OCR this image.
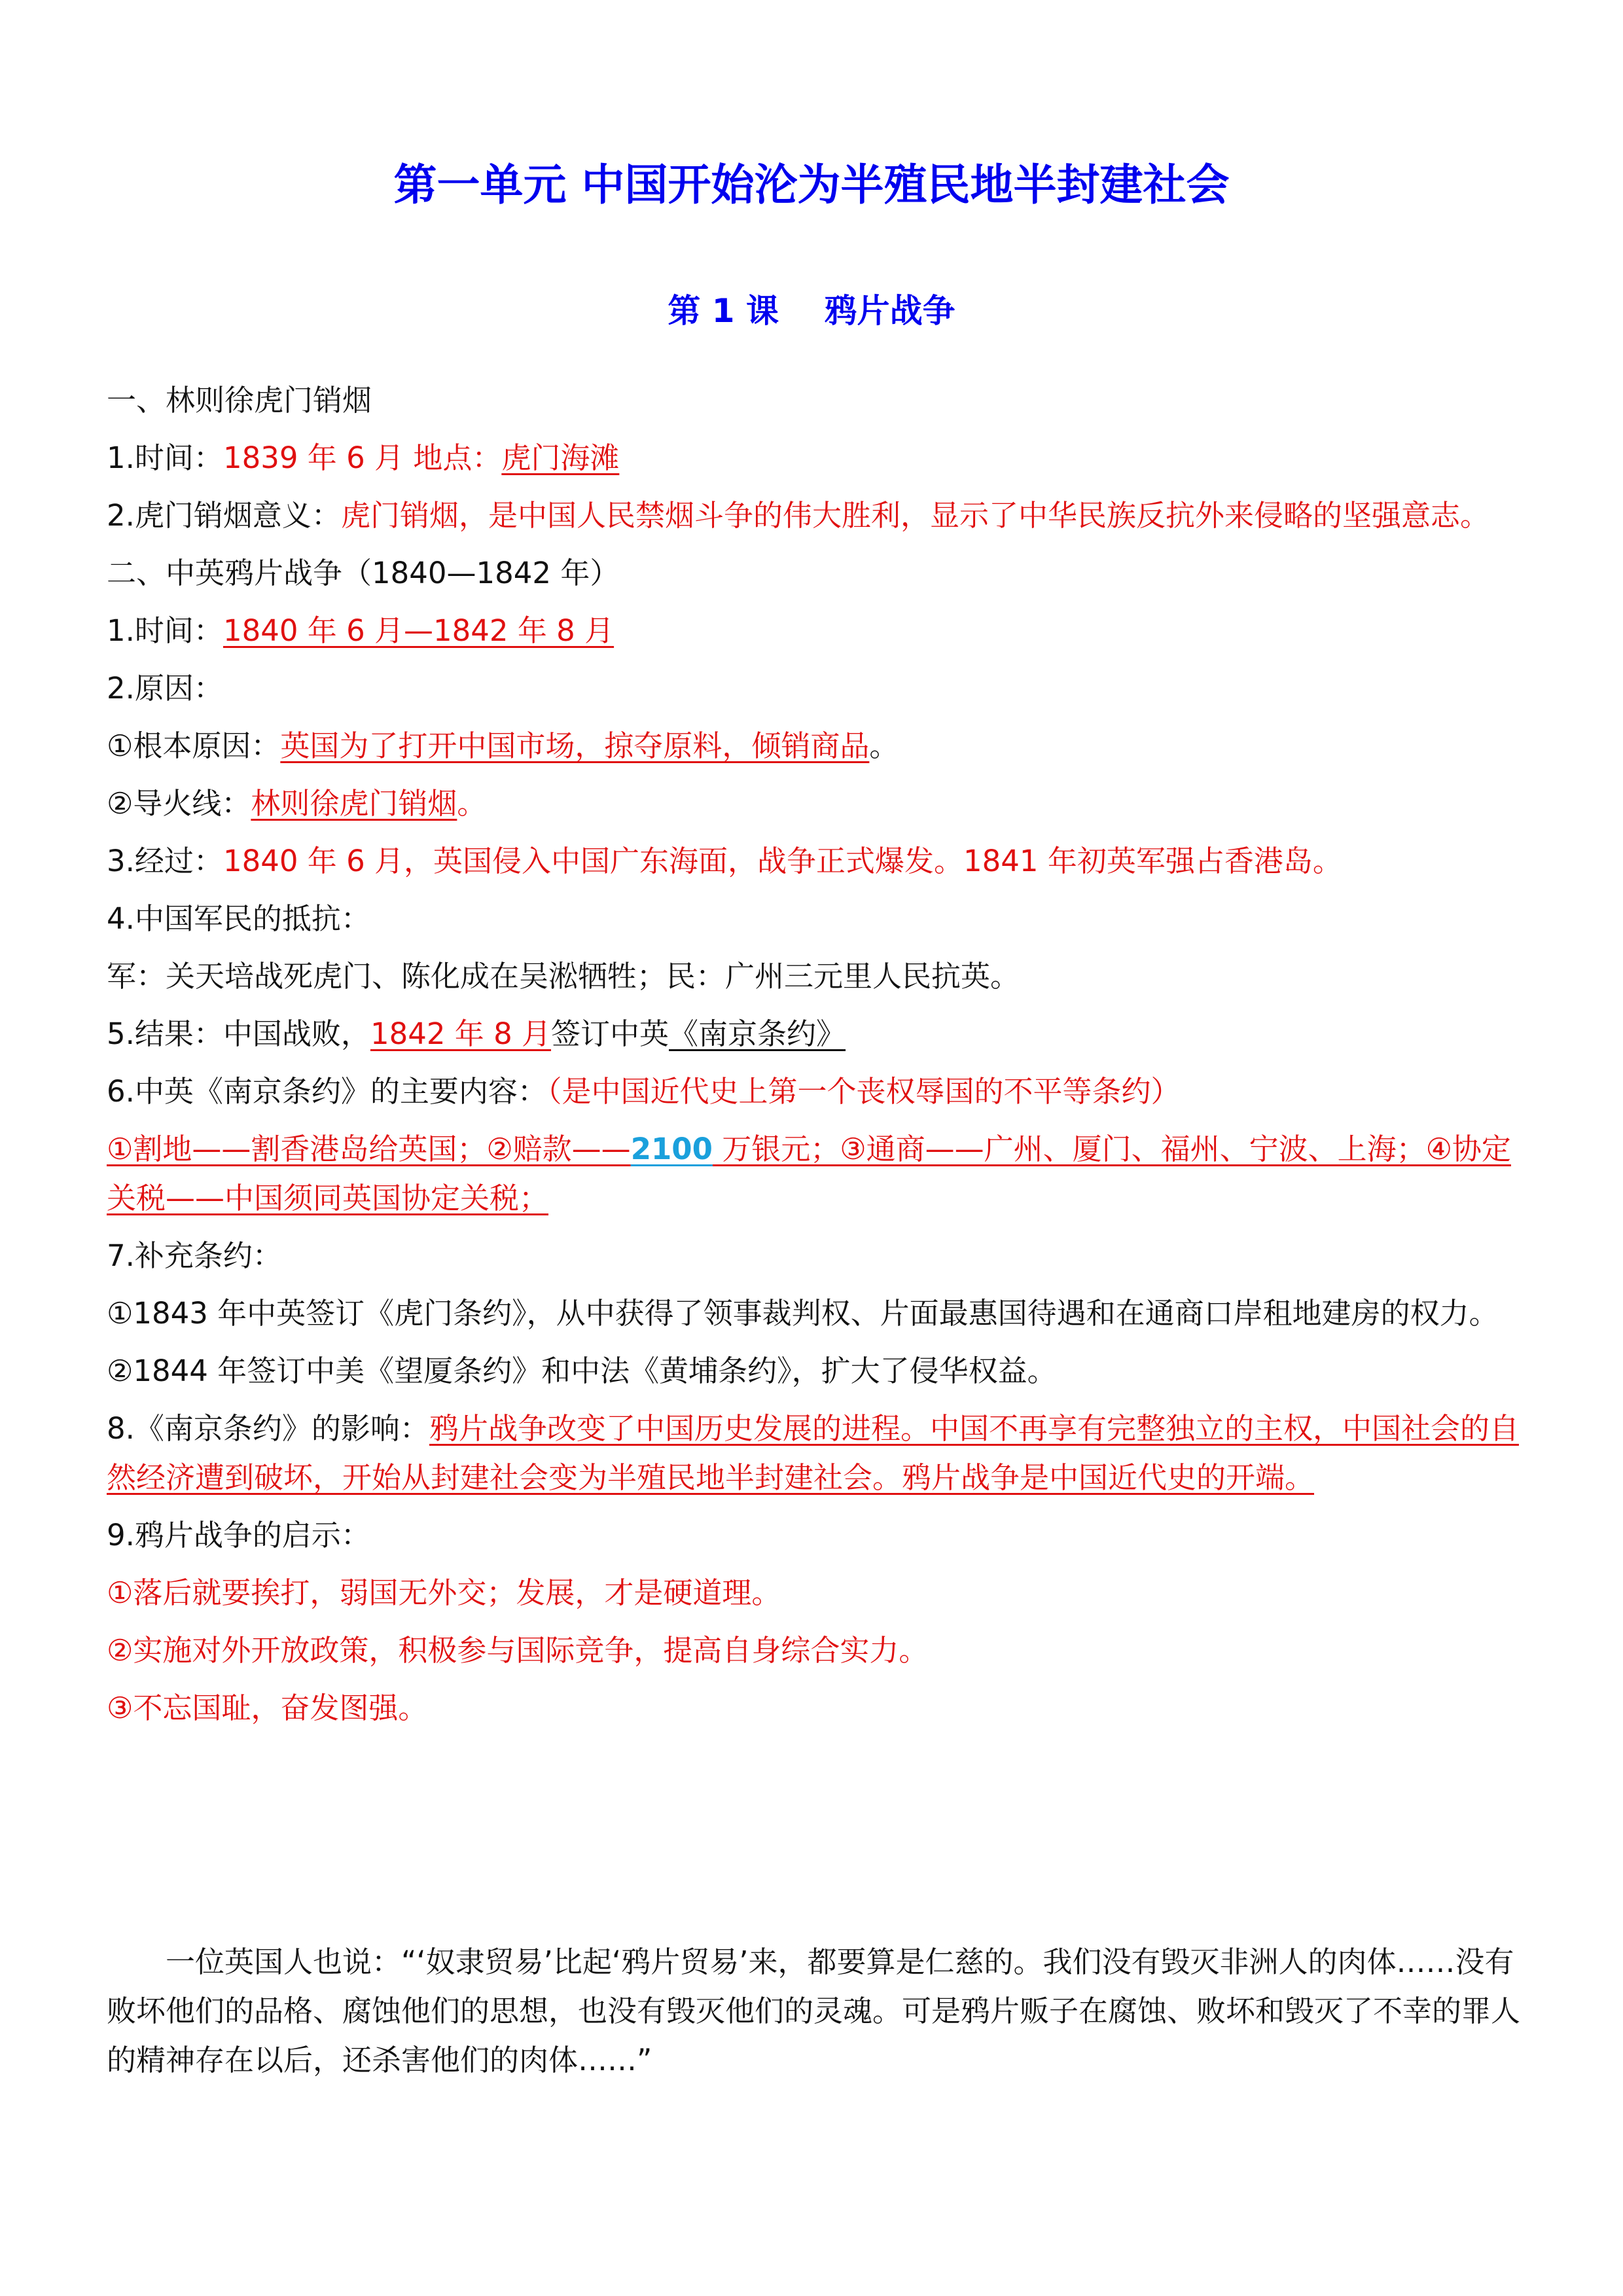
第一单元 中国开始沦为半殖民地半封建社会
第 1 课    鸦片战争
一、林则徐虎门销烟
1.时间：1839 年 6 月 地点：虎门海滩
2.虎门销烟意义：虎门销烟，是中国人民禁烟斗争的伟大胜利，显示了中华民族反抗外来侵略的坚强意志。
二、中英鸦片战争（1840—1842 年）
1.时间：1840 年 6 月—1842 年 8 月
2.原因：
①根本原因：英国为了打开中国市场，掠夺原料，倾销商品。
②导火线：林则徐虎门销烟。
3.经过：1840 年 6 月，英国侵入中国广东海面，战争正式爆发。1841 年初英军强占香港岛。
4.中国军民的抵抗：
军：关天培战死虎门、陈化成在吴淞牺牲；民：广州三元里人民抗英。
5.结果：中国战败，1842 年 8 月签订中英《南京条约》
6.中英《南京条约》的主要内容：（是中国近代史上第一个丧权辱国的不平等条约）
①割地——割香港岛给英国；②赔款——2100 万银元；③通商——广州、厦门、福州、宁波、上海；④协定关税——中国须同英国协定关税；
7.补充条约：
①1843 年中英签订《虎门条约》，从中获得了领事裁判权、片面最惠国待遇和在通商口岸租地建房的权力。
②1844 年签订中美《望厦条约》和中法《黄埔条约》，扩大了侵华权益。
8.《南京条约》的影响：鸦片战争改变了中国历史发展的进程。中国不再享有完整独立的主权，中国社会的自然经济遭到破坏，开始从封建社会变为半殖民地半封建社会。鸦片战争是中国近代史的开端。
9.鸦片战争的启示：
①落后就要挨打，弱国无外交；发展，才是硬道理。
②实施对外开放政策，积极参与国际竞争，提高自身综合实力。
③不忘国耻，奋发图强。
一位英国人也说：“‘奴隶贸易’比起‘鸦片贸易’来，都要算是仁慈的。我们没有毁灭非洲人的肉体……没有败坏他们的品格、腐蚀他们的思想，也没有毁灭他们的灵魂。可是鸦片贩子在腐蚀、败坏和毁灭了不幸的罪人的精神存在以后，还杀害他们的肉体……”
